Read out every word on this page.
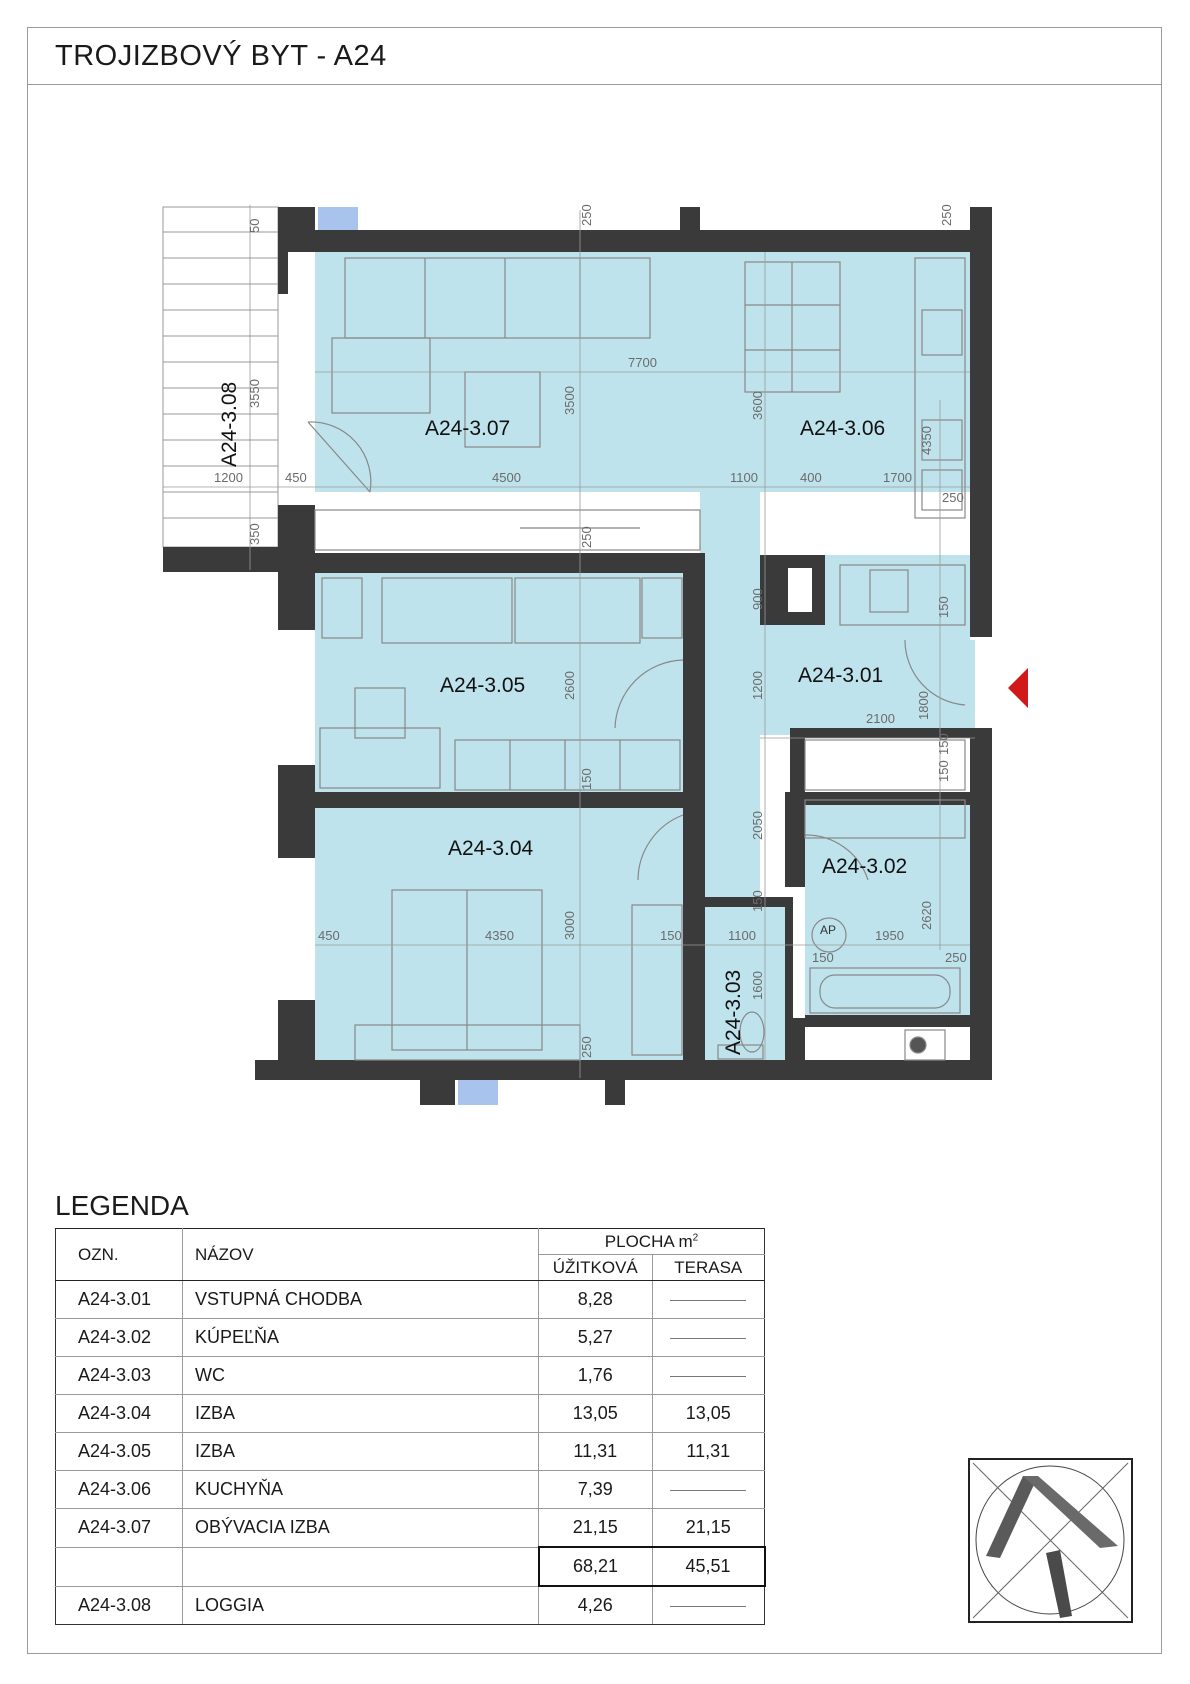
TROJIZBOVÝ BYT - A24
A24-3.07	A24-3.06
A24-3.05	A24-3.01
A24-3.04
A24-3.02
A24-3.03
A24-3.08
50	250	250
3550
1200	450	4500
7700
3500
1100	400	1700
3600
4350
250
250
350
900
1200
2100 1800
150
2600
150
2050
150
150
450	4350	3000	150	1100
1600
1950
150
2620
250
250
150
AP
LEGENDA
OZN.	NÁZOV	PLOCHA $m^2$
		ÚŽITKOVÁ	TERASA
A24-3.01	VSTUPNÁ CHODBA	8,28	
A24-3.02	KÚPEĽŇA	5,27	
A24-3.03	WC	1,76	
A24-3.04	IZBA	13,05	13,05
A24-3.05	IZBA	11,31	11,31
A24-3.06	KUCHYŇA	7,39	
A24-3.07	OBÝVACIA IZBA	21,15	21,15
		68,21	45,51
A24-3.08	LOGGIA	4,26	
